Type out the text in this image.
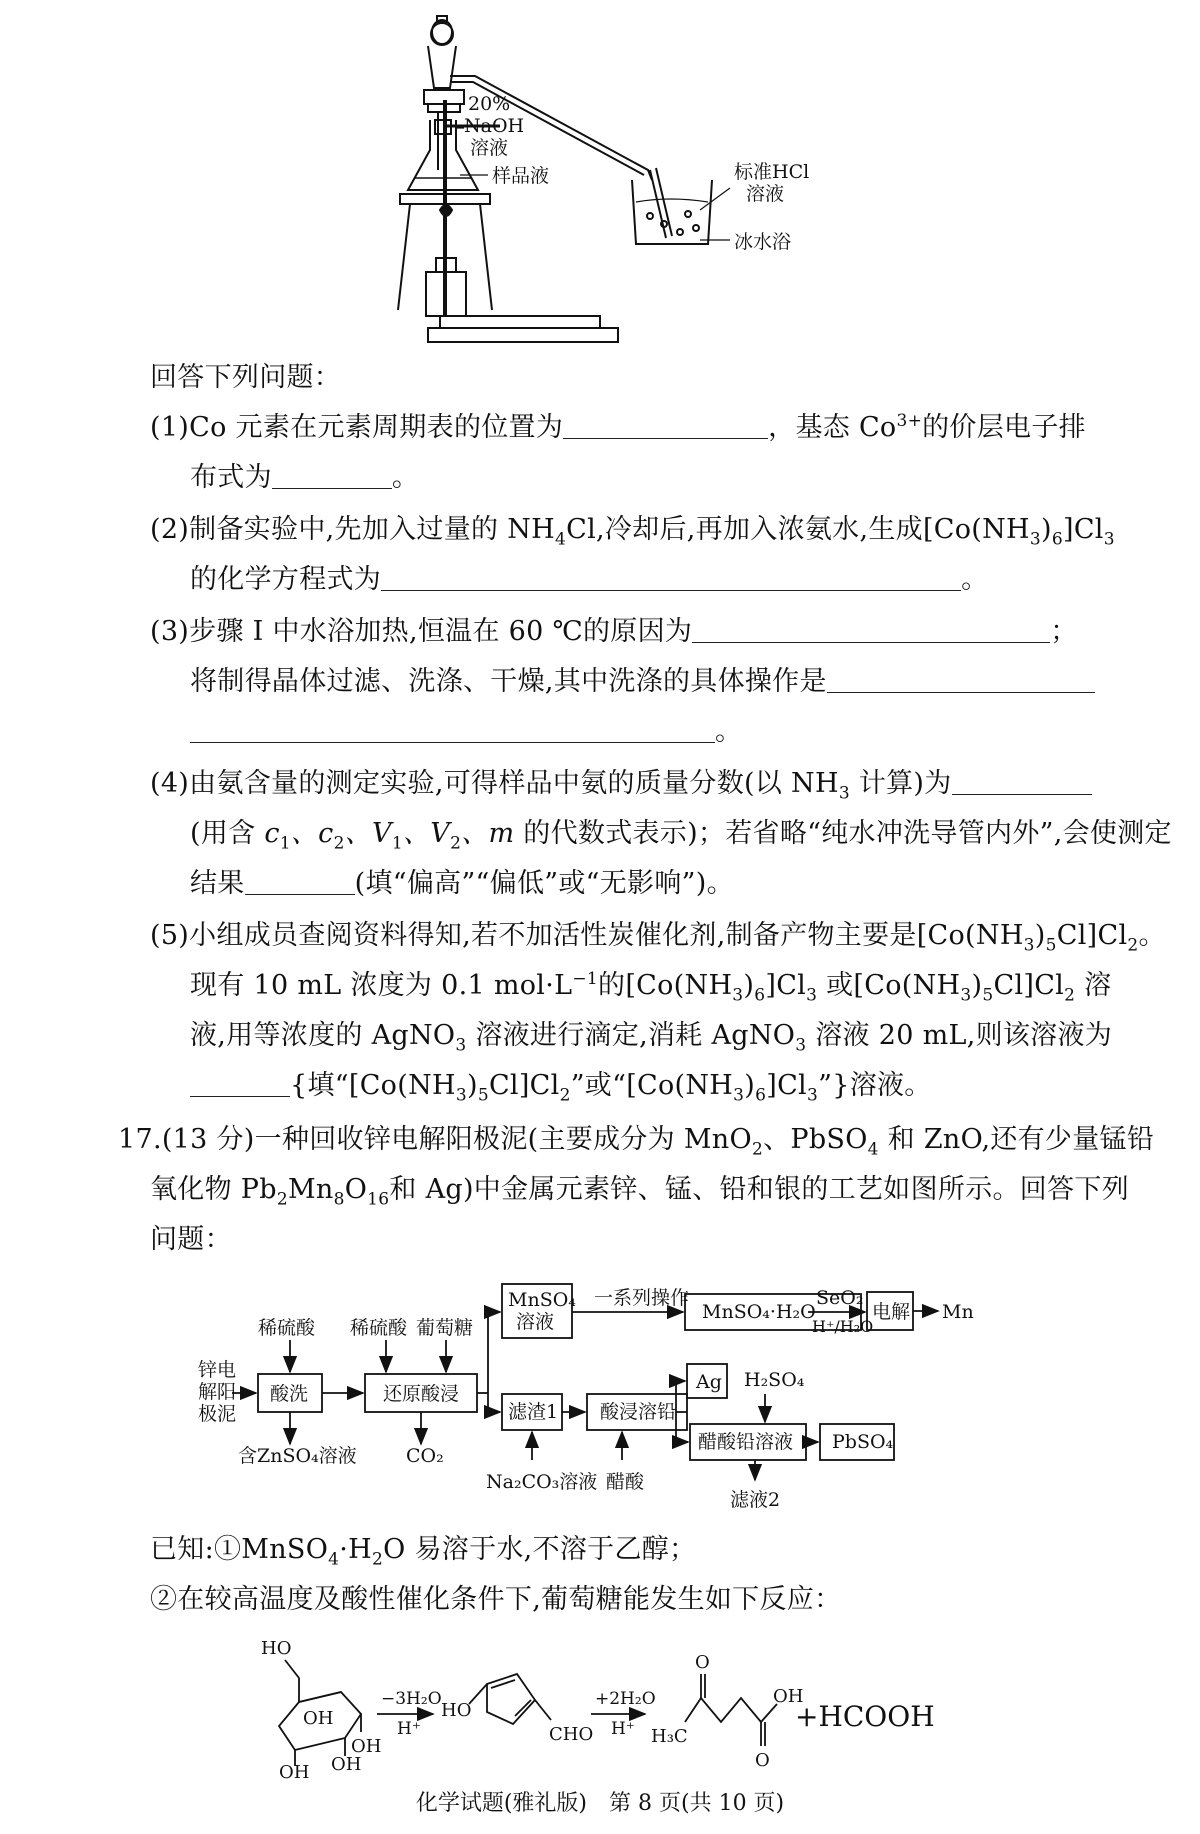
20%
NaOH
溶液
样品液	标准HCl
溶液
冰水浴
回答下列问题：
(1)Co 元素在元素周期表的位置为	，基态 $Co^{3+}$的价层电子排
布式为	。
(2)制备实验中,先加入过量的 $NH_4Cl$,冷却后,再加入浓氨水,生成$[Co(NH_3)_6]Cl_3$
的化学方程式为	。
(3)步骤 Ⅰ 中水浴加热,恒温在 60 ℃的原因为	；
将制得晶体过滤、洗涤、干燥,其中洗涤的具体操作是
。
(4)由氨含量的测定实验,可得样品中氨的质量分数(以 $NH_3$ 计算)为
(用含 $c_1$、$c_2$、$V_1$、$V_2$、m 的代数式表示)；若省略“纯水冲洗导管内外”,会使测定
结果	(填“偏高”“偏低”或“无影响”)。
(5)小组成员查阅资料得知,若不加活性炭催化剂,制备产物主要是$[Co(NH_3)_5Cl]Cl_2$。
现有 10 mL 浓度为 0.1 $mol\cdot L^{-1}$的$[Co(NH_3)_6]Cl_3$ 或$[Co(NH_3)_5Cl]Cl_2$ 溶
液,用等浓度的 AgNO$_3$ 溶液进行滴定,消耗 AgNO$_3$ 溶液 20 mL,则该溶液为
{填“$[Co(NH_3)_5Cl]Cl_2$”或“$[Co(NH_3)_6]Cl_3$”}溶液。
17.(13 分)一种回收锌电解阳极泥(主要成分为 MnO$_2$、PbSO$_4$ 和 ZnO,还有少量锰铅
氧化物 $Pb_2Mn_8O_{16}$和 Ag)中金属元素锌、锰、铅和银的工艺如图所示。回答下列
问题：
锌电
解阳
极泥
稀硫酸 稀硫酸 葡萄糖
酸洗
含ZnSO₄溶液
还原酸浸
CO₂
MnSO₄
溶液
一系列操作
MnSO₄·H₂O
SeO₂
H⁺/H₂O
电解 Mn
滤渣1
Na₂CO₃溶液
酸浸溶铅
醋酸
Ag H₂SO₄
醋酸铅溶液 PbSO₄
滤液2
已知$:①MnSO_4\cdot H_2O$ 易溶于水,不溶于乙醇；
②在较高温度及酸性催化条件下,葡萄糖能发生如下反应：
HO
OH
OH
OH OH
−3H₂O
H⁺
HO
CHO
+2H₂O
H⁺
O
H₃C
OH
O
+HCOOH
化学试题(雅礼版)　第 8 页(共 10 页)
